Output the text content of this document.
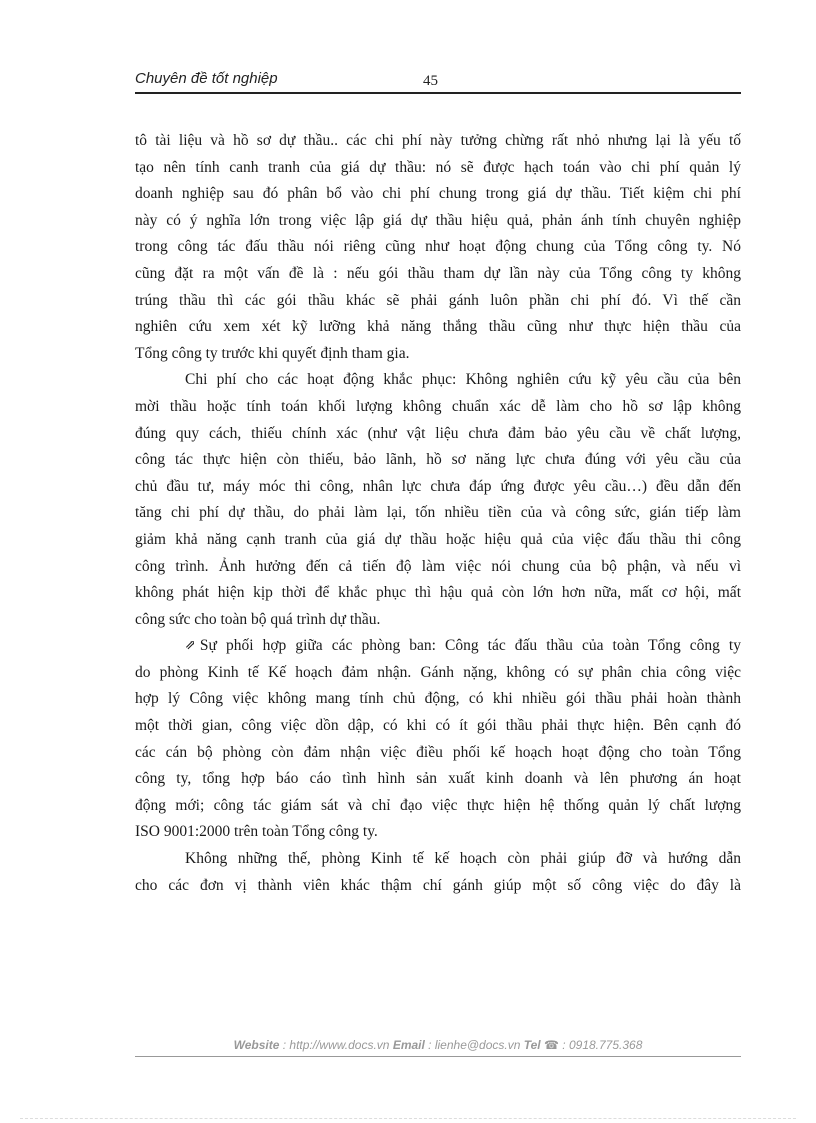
Chuyên đề tốt nghiệp	45
tô tài liệu và hồ sơ dự thầu.. các chi phí này tưởng chừng rất nhỏ nhưng lại là yếu tố
tạo nên tính canh tranh của giá dự thầu: nó sẽ được hạch toán vào chi phí quản lý
doanh nghiệp sau đó phân bổ vào chi phí chung trong giá dự thầu. Tiết kiệm chi phí
này có ý nghĩa lớn trong việc lập giá dự thầu hiệu quả, phản ánh tính chuyên nghiệp
trong công tác đấu thầu nói riêng cũng như hoạt động chung của Tổng công ty. Nó
cũng đặt ra một vấn đề là : nếu gói thầu tham dự lần này của Tổng công ty không
trúng thầu thì các gói thầu khác sẽ phải gánh luôn phần chi phí đó. Vì thế cần
nghiên cứu xem xét kỹ lưỡng khả năng thắng thầu cũng như thực hiện thầu của
Tổng công ty trước khi quyết định tham gia.
Chi phí cho các hoạt động khắc phục: Không nghiên cứu kỹ yêu cầu của bên
mời thầu hoặc tính toán khối lượng không chuẩn xác dễ làm cho hồ sơ lập không
đúng quy cách, thiếu chính xác (như vật liệu chưa đảm bảo yêu cầu về chất lượng,
công tác thực hiện còn thiếu, bảo lãnh, hồ sơ năng lực chưa đúng với yêu cầu của
chủ đầu tư, máy móc thi công, nhân lực chưa đáp ứng được yêu cầu…) đều dẫn đến
tăng chi phí dự thầu, do phải làm lại, tốn nhiều tiền của và công sức, gián tiếp làm
giảm khả năng cạnh tranh của giá dự thầu hoặc hiệu quả của việc đấu thầu thi công
công trình. Ảnh hưởng đến cả tiến độ làm việc nói chung của bộ phận, và nếu vì
không phát hiện kịp thời để khắc phục thì hậu quả còn lớn hơn nữa, mất cơ hội, mất
công sức cho toàn bộ quá trình dự thầu.
⇗ Sự phối hợp giữa các phòng ban: Công tác đấu thầu của toàn Tổng công ty
do phòng Kinh tế Kế hoạch đảm nhận. Gánh nặng, không có sự phân chia công việc
hợp lý Công việc không mang tính chủ động, có khi nhiều gói thầu phải hoàn thành
một thời gian, công việc dồn dập, có khi có ít gói thầu phải thực hiện. Bên cạnh đó
các cán bộ phòng còn đảm nhận việc điều phối kế hoạch hoạt động cho toàn Tổng
công ty, tổng hợp báo cáo tình hình sản xuất kinh doanh và lên phương án hoạt
động mới; công tác giám sát và chỉ đạo việc thực hiện hệ thống quản lý chất lượng
ISO 9001:2000 trên toàn Tổng công ty.
Không những thế, phòng Kinh tế kế hoạch còn phải giúp đỡ và hướng dẫn
cho các đơn vị thành viên khác thậm chí gánh giúp một số công việc do đây là
Website : http://www.docs.vn Email : lienhe@docs.vn Tel ☎ : 0918.775.368
